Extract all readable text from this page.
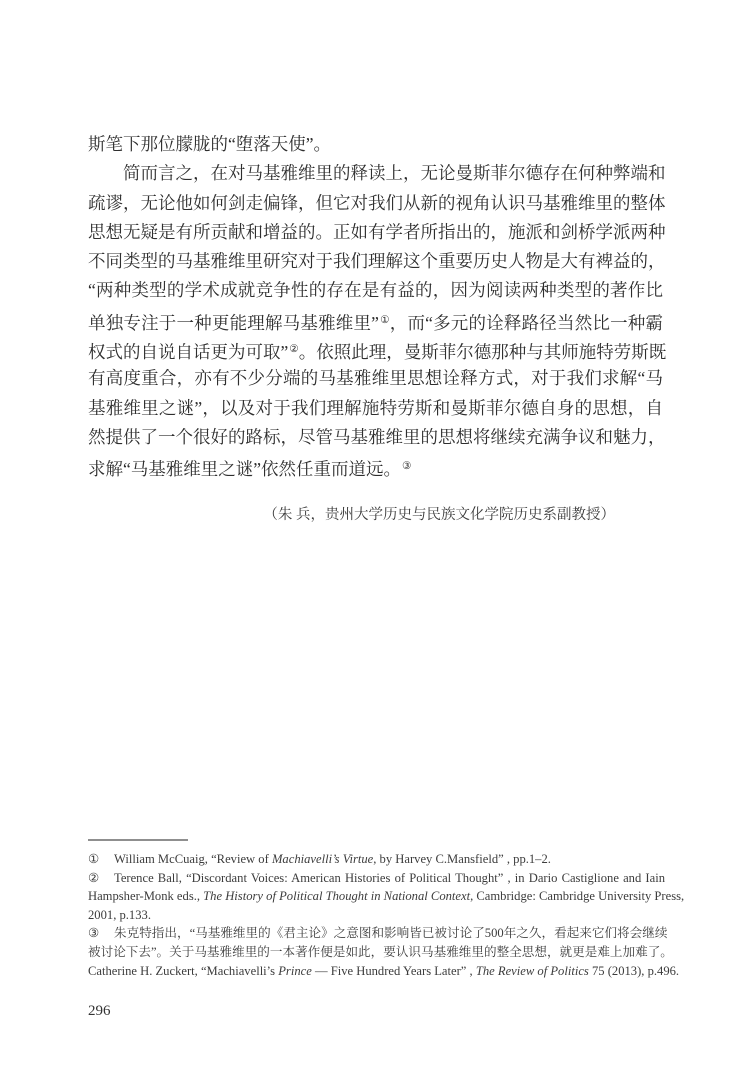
斯笔下那位朦胧的“堕落天使”。
　　简而言之，在对马基雅维里的释读上，无论曼斯菲尔德存在何种弊端和
疏谬，无论他如何剑走偏锋，但它对我们从新的视角认识马基雅维里的整体
思想无疑是有所贡献和增益的。正如有学者所指出的，施派和剑桥学派两种
不同类型的马基雅维里研究对于我们理解这个重要历史人物是大有裨益的，
“两种类型的学术成就竞争性的存在是有益的，因为阅读两种类型的著作比
单独专注于一种更能理解马基雅维里”①，而“多元的诠释路径当然比一种霸
权式的自说自话更为可取”②。依照此理，曼斯菲尔德那种与其师施特劳斯既
有高度重合，亦有不少分端的马基雅维里思想诠释方式，对于我们求解“马
基雅维里之谜”，以及对于我们理解施特劳斯和曼斯菲尔德自身的思想，自
然提供了一个很好的路标，尽管马基雅维里的思想将继续充满争议和魅力，
求解“马基雅维里之谜”依然任重而道远。③
（朱 兵，贵州大学历史与民族文化学院历史系副教授）
① William McCuaig, “Review of Machiavelli’s Virtue, by Harvey C.Mansfield” , pp.1–2.
② Terence Ball, “Discordant Voices: American Histories of Political Thought” , in Dario Castiglione and Iain
Hampsher-Monk eds., The History of Political Thought in National Context, Cambridge: Cambridge University Press,
2001, p.133.
③ 朱克特指出，“马基雅维里的《君主论》之意图和影响皆已被讨论了500年之久，看起来它们将会继续
被讨论下去”。关于马基雅维里的一本著作便是如此，要认识马基雅维里的整全思想，就更是难上加难了。
Catherine H. Zuckert, “Machiavelli’s Prince — Five Hundred Years Later” , The Review of Politics 75 (2013), p.496.
296
